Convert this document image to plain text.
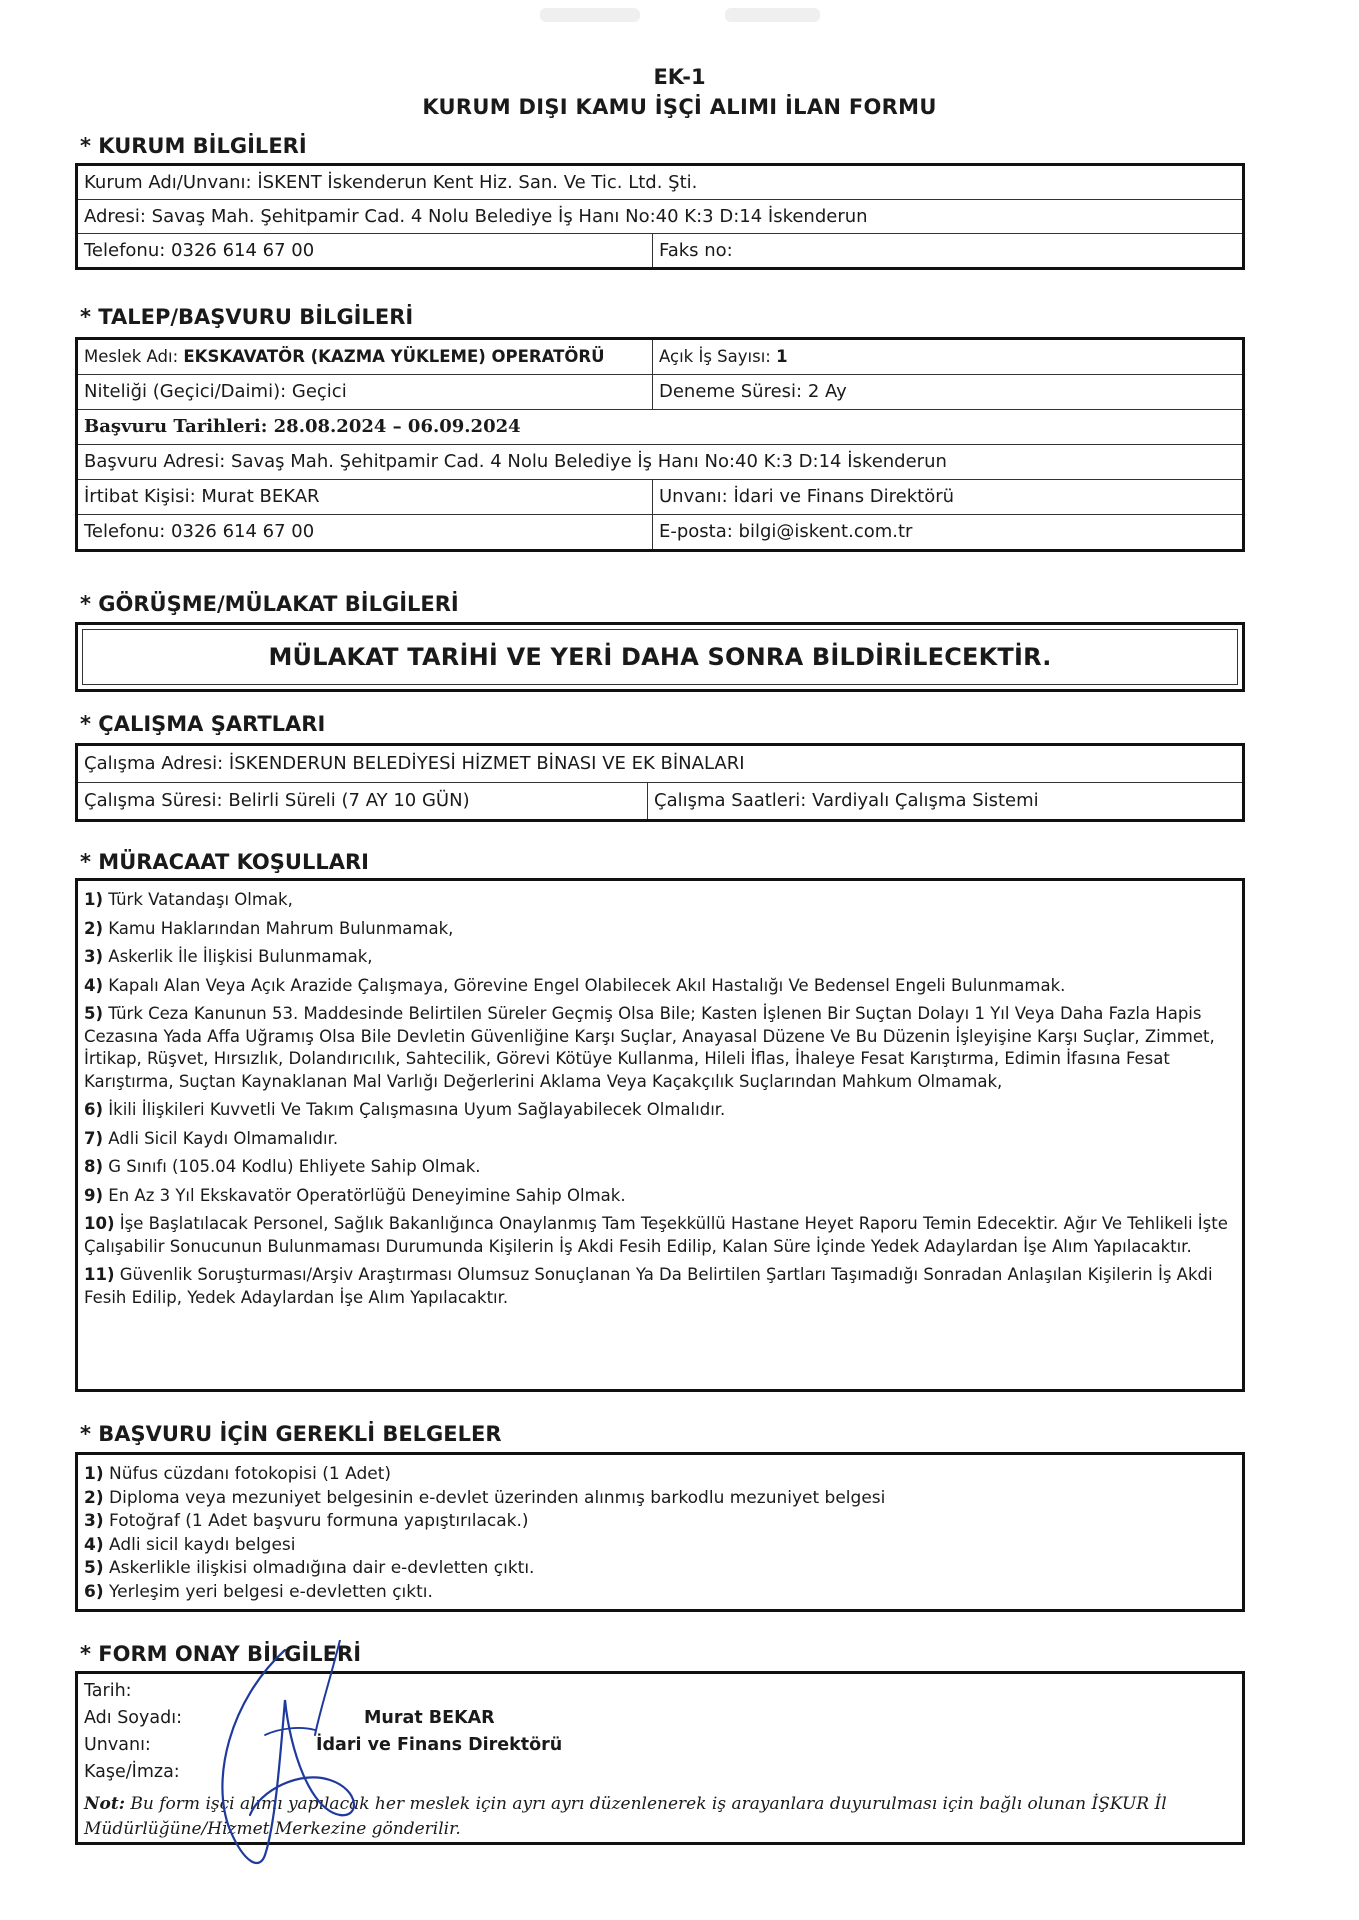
EK-1
KURUM DIŞI KAMU İŞÇİ ALIMI İLAN FORMU
* KURUM BİLGİLERİ
Kurum Adı/Unvanı: İSKENT İskenderun Kent Hiz. San. Ve Tic. Ltd. Şti.
Adresi: Savaş Mah. Şehitpamir Cad. 4 Nolu Belediye İş Hanı No:40 K:3 D:14 İskenderun
Telefonu: 0326 614 67 00	Faks no:
* TALEP/BAŞVURU BİLGİLERİ
Meslek Adı: EKSKAVATÖR (KAZMA YÜKLEME) OPERATÖRÜ	Açık İş Sayısı: 1
Niteliği (Geçici/Daimi): Geçici	Deneme Süresi: 2 Ay
Başvuru Tarihleri: 28.08.2024 – 06.09.2024
Başvuru Adresi: Savaş Mah. Şehitpamir Cad. 4 Nolu Belediye İş Hanı No:40 K:3 D:14 İskenderun
İrtibat Kişisi: Murat BEKAR	Unvanı: İdari ve Finans Direktörü
Telefonu: 0326 614 67 00	E-posta: bilgi@iskent.com.tr
* GÖRÜŞME/MÜLAKAT BİLGİLERİ
MÜLAKAT TARİHİ VE YERİ DAHA SONRA BİLDİRİLECEKTİR.
* ÇALIŞMA ŞARTLARI
Çalışma Adresi: İSKENDERUN BELEDİYESİ HİZMET BİNASI VE EK BİNALARI
Çalışma Süresi: Belirli Süreli (7 AY 10 GÜN)	Çalışma Saatleri: Vardiyalı Çalışma Sistemi
* MÜRACAAT KOŞULLARI
1) Türk Vatandaşı Olmak,
2) Kamu Haklarından Mahrum Bulunmamak,
3) Askerlik İle İlişkisi Bulunmamak,
4) Kapalı Alan Veya Açık Arazide Çalışmaya, Görevine Engel Olabilecek Akıl Hastalığı Ve Bedensel Engeli Bulunmamak.
5) Türk Ceza Kanunun 53. Maddesinde Belirtilen Süreler Geçmiş Olsa Bile; Kasten İşlenen Bir Suçtan Dolayı 1 Yıl Veya Daha Fazla Hapis Cezasına Yada Affa Uğramış Olsa Bile Devletin Güvenliğine Karşı Suçlar, Anayasal Düzene Ve Bu Düzenin İşleyişine Karşı Suçlar, Zimmet, İrtikap, Rüşvet, Hırsızlık, Dolandırıcılık, Sahtecilik, Görevi Kötüye Kullanma, Hileli İflas, İhaleye Fesat Karıştırma, Edimin İfasına Fesat Karıştırma, Suçtan Kaynaklanan Mal Varlığı Değerlerini Aklama Veya Kaçakçılık Suçlarından Mahkum Olmamak,
6) İkili İlişkileri Kuvvetli Ve Takım Çalışmasına Uyum Sağlayabilecek Olmalıdır.
7) Adli Sicil Kaydı Olmamalıdır.
8) G Sınıfı (105.04 Kodlu) Ehliyete Sahip Olmak.
9) En Az 3 Yıl Ekskavatör Operatörlüğü Deneyimine Sahip Olmak.
10) İşe Başlatılacak Personel, Sağlık Bakanlığınca Onaylanmış Tam Teşekküllü Hastane Heyet Raporu Temin Edecektir. Ağır Ve Tehlikeli İşte Çalışabilir Sonucunun Bulunmaması Durumunda Kişilerin İş Akdi Fesih Edilip, Kalan Süre İçinde Yedek Adaylardan İşe Alım Yapılacaktır.
11) Güvenlik Soruşturması/Arşiv Araştırması Olumsuz Sonuçlanan Ya Da Belirtilen Şartları Taşımadığı Sonradan Anlaşılan Kişilerin İş Akdi Fesih Edilip, Yedek Adaylardan İşe Alım Yapılacaktır.
* BAŞVURU İÇİN GEREKLİ BELGELER
1) Nüfus cüzdanı fotokopisi (1 Adet)
2) Diploma veya mezuniyet belgesinin e-devlet üzerinden alınmış barkodlu mezuniyet belgesi
3) Fotoğraf (1 Adet başvuru formuna yapıştırılacak.)
4) Adli sicil kaydı belgesi
5) Askerlikle ilişkisi olmadığına dair e-devletten çıktı.
6) Yerleşim yeri belgesi e-devletten çıktı.
* FORM ONAY BİLGİLERİ
Tarih:
Adı Soyadı:	Murat BEKAR
Unvanı:	İdari ve Finans Direktörü
Kaşe/İmza:
Not: Bu form işçi alımı yapılacak her meslek için ayrı ayrı düzenlenerek iş arayanlara duyurulması için bağlı olunan İŞKUR İl Müdürlüğüne/Hizmet Merkezine gönderilir.
